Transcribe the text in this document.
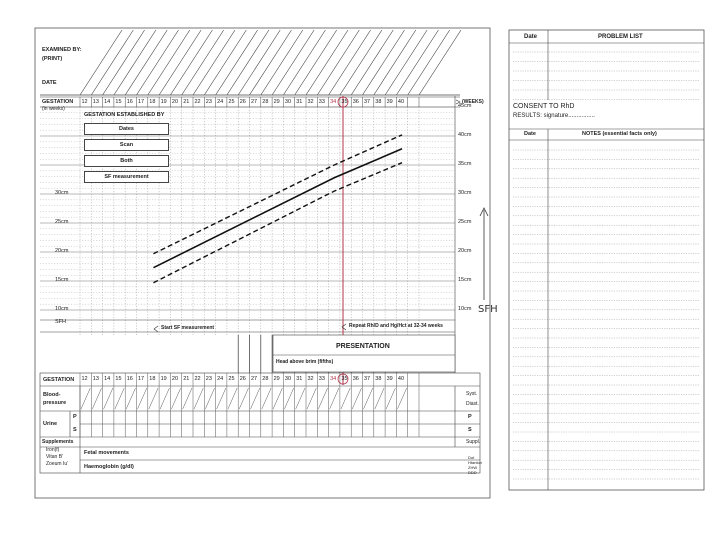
EXAMINED BY:
(PRINT)
DATE
GESTATION
(in weeks)
(WEEKS)
12 13 14 15 16 17 18 19 20 21 22 23 24 25 26 27 28 29 30 31 32 33 34 35 36 37 38 39 40
12 13 14 15 16 17 18 19 20 21 22 23 24 25 26 27 28 29 30 31 32 33 34 35 36 37 38 39 40
GESTATION ESTABLISHED BY
Dates
Scan
Both
SF measurement
30cm
25cm
20cm
15cm
10cm
45cm
40cm
35cm
30cm
25cm
20cm
15cm
10cm
SFH
SFH
Start SF measurement	Repeat Rh/D and Hg/Hct at 32-34 weeks
PRESENTATION
Head above brim (fifths)
GESTATION
Blood-
pressure
Urine
P
S
Supplements
Iron(f)
Vitan B’
Zoeum Iu’
Fetal movements
Haemoglobin (g/dl)
Syst.
Diast.
P
S
Suppl.
Dot
Htanton
ZHW
DDD
Date	PROBLEM LIST
CONSENT TO RhD
RESULTS: signature................
Date	NOTES (essential facts only)
